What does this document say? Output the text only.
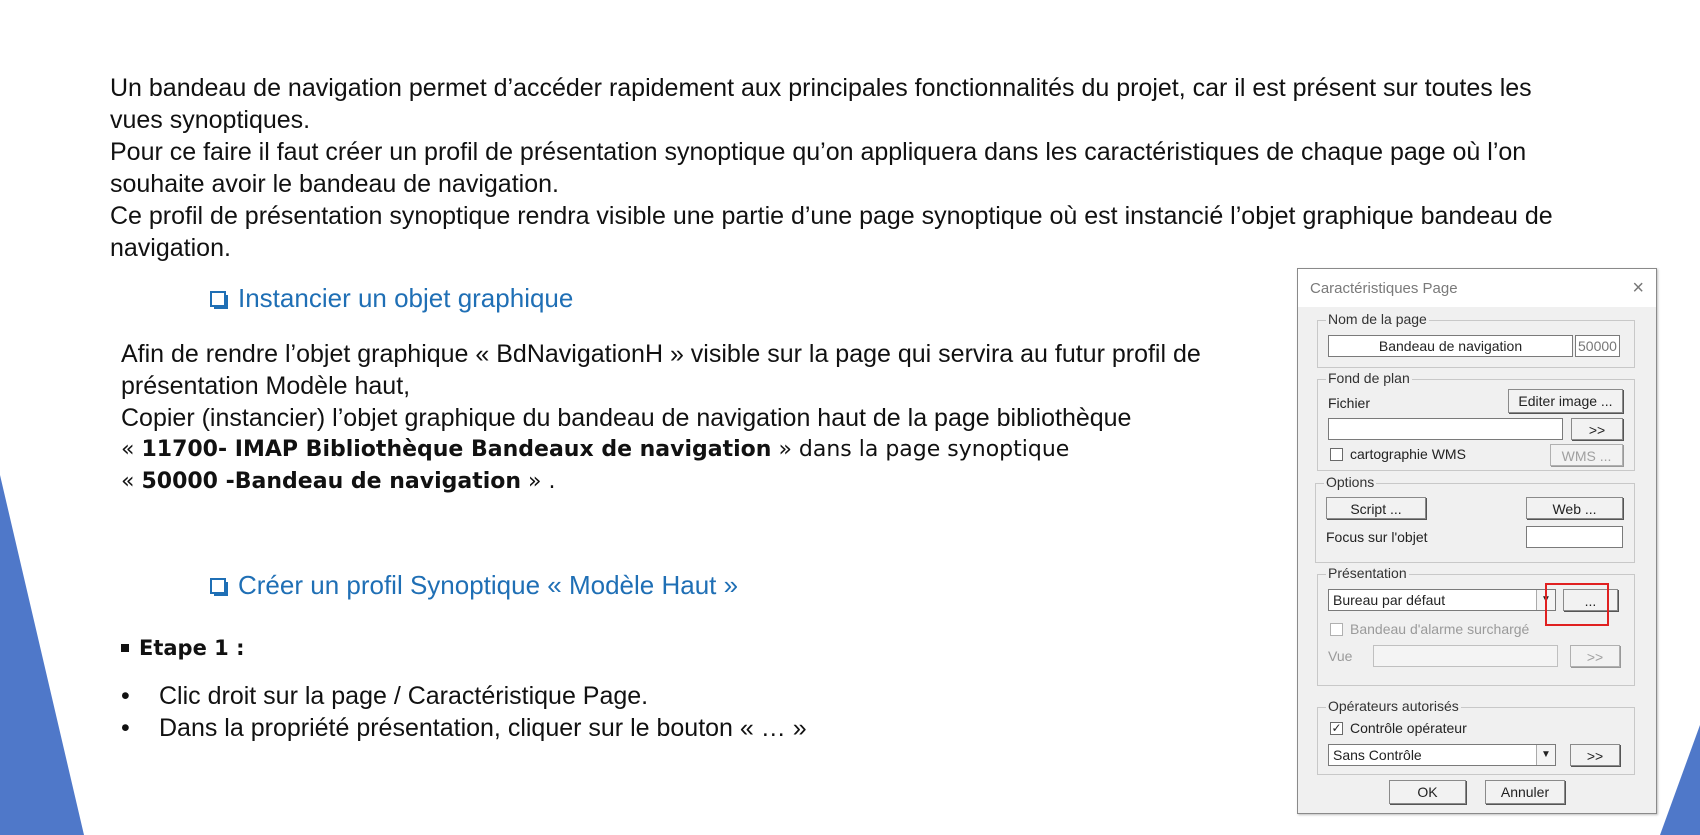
Un bandeau de navigation permet d’accéder rapidement aux principales fonctionnalités du projet, car il est présent sur toutes les vues synoptiques.

Pour ce faire il faut créer un profil de présentation synoptique qu’on appliquera dans les caractéristiques de chaque page où l’on souhaite avoir le bandeau de navigation.

Ce profil de présentation synoptique rendra visible une partie d’une page synoptique où est instancié l’objet graphique bandeau de navigation.

Instancier un objet graphique

Afin de rendre l’objet graphique « BdNavigationH » visible sur la page qui servira au futur profil de présentation Modèle haut,

Copier (instancier) l’objet graphique du bandeau de navigation haut de la page bibliothèque

« 11700- IMAP Bibliothèque Bandeaux de navigation » dans la page synoptique

« 50000 -Bandeau de navigation » .

Créer un profil Synoptique « Modèle Haut »
Etape 1 :
• Clic droit sur la page / Caractéristique Page.
• Dans la propriété présentation, cliquer sur le bouton « … »
Caractéristiques Page	×
Nom de la page
Bandeau de navigation	50000
Fond de plan
Fichier	Editer image ...
>>
cartographie WMS	WMS ...
Options
Script ...	Web ...
Focus sur l'objet
Présentation
Bureau par défaut	▼	...
Bandeau d'alarme surchargé
Vue	>>
Opérateurs autorisés
✓ Contrôle opérateur
Sans Contrôle	▼	>>
OK	Annuler
